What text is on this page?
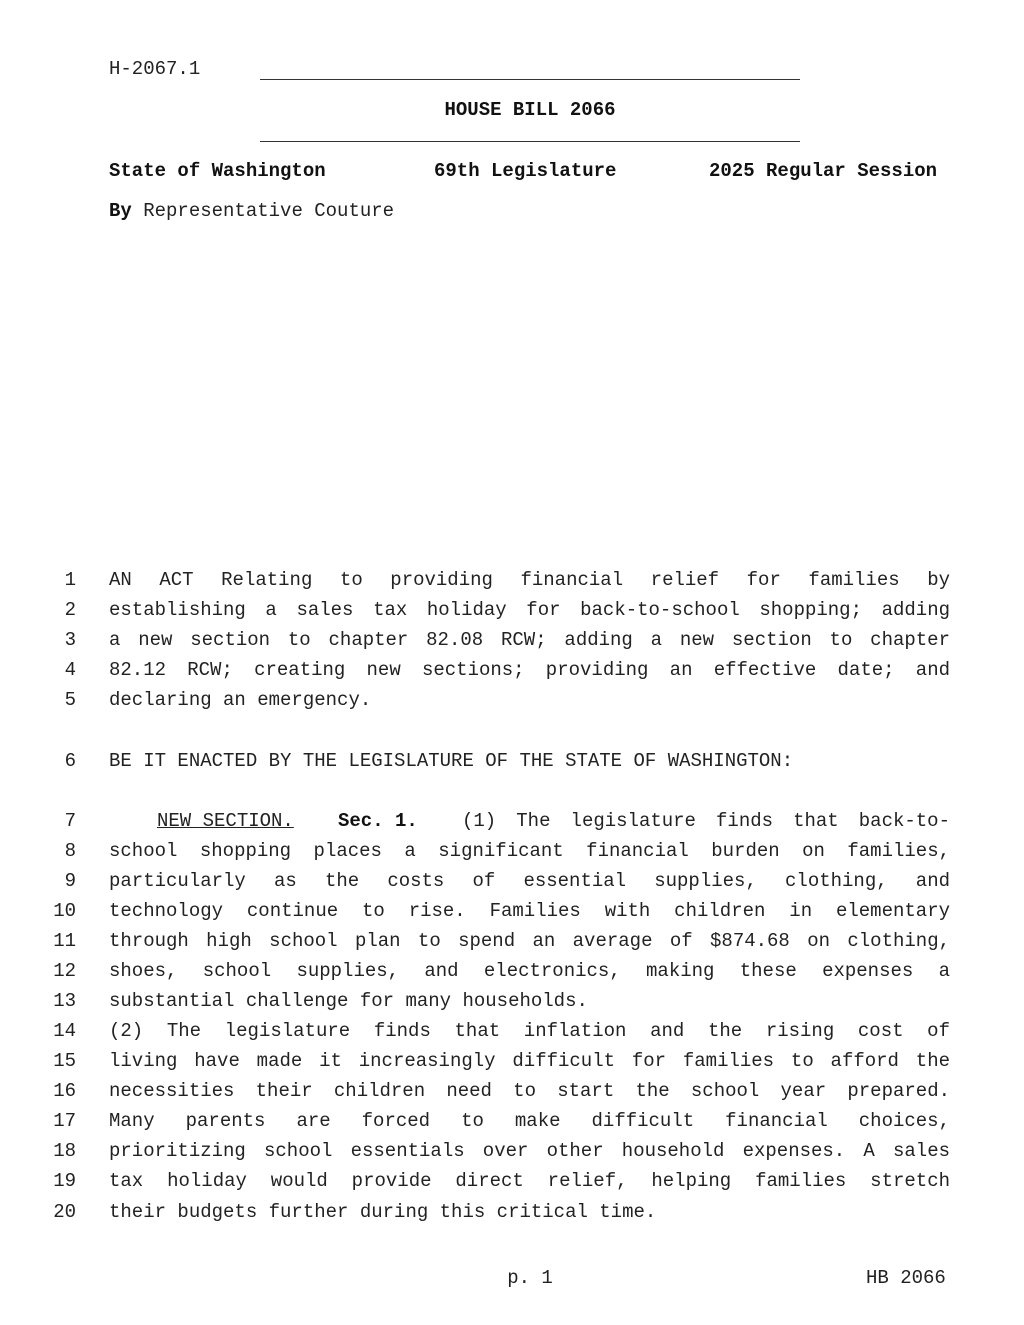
H-2067.1
HOUSE BILL 2066
State of Washington	69th Legislature	2025 Regular Session
By Representative Couture
1 AN ACT Relating to providing financial relief for families by
2 establishing a sales tax holiday for back-to-school shopping; adding
3 a new section to chapter 82.08 RCW; adding a new section to chapter
4 82.12 RCW; creating new sections; providing an effective date; and
5 declaring an emergency.
6 BE IT ENACTED BY THE LEGISLATURE OF THE STATE OF WASHINGTON:
7	NEW SECTION. Sec. 1. (1) The legislature finds that back-to-
8 school shopping places a significant financial burden on families,
9 particularly as the costs of essential supplies, clothing, and
10 technology continue to rise. Families with children in elementary
11 through high school plan to spend an average of $874.68 on clothing,
12 shoes, school supplies, and electronics, making these expenses a
13 substantial challenge for many households.
14 (2) The legislature finds that inflation and the rising cost of
15 living have made it increasingly difficult for families to afford the
16 necessities their children need to start the school year prepared.
17 Many parents are forced to make difficult financial choices,
18 prioritizing school essentials over other household expenses. A sales
19 tax holiday would provide direct relief, helping families stretch
20 their budgets further during this critical time.
p. 1	HB 2066
